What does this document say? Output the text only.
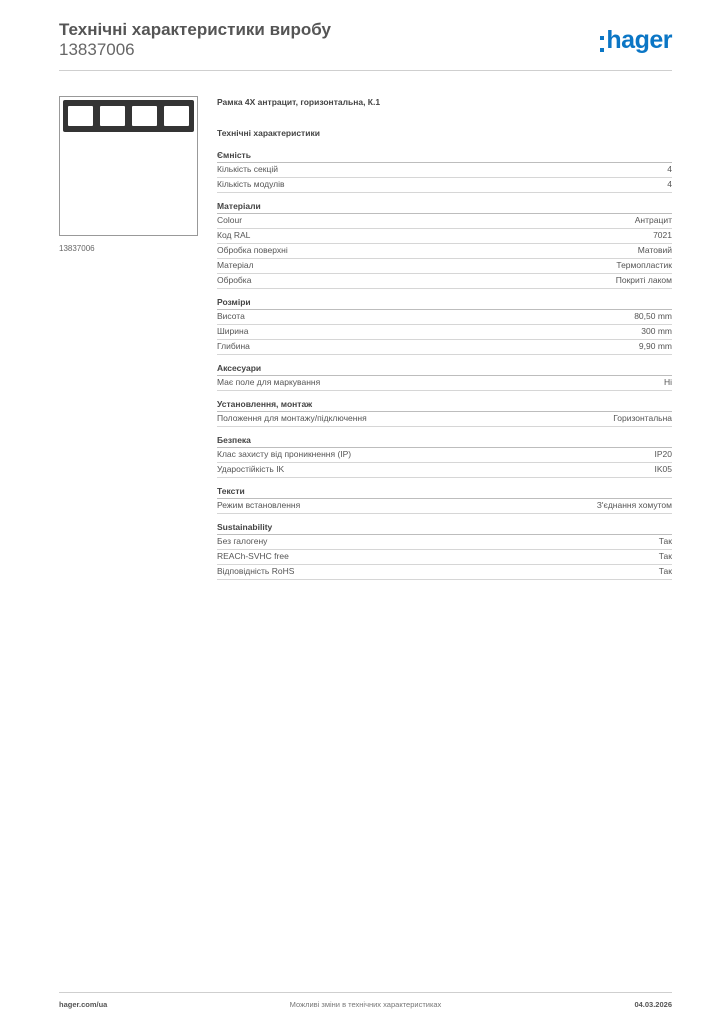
Технічні характеристики виробу
13837006	hager
13837006
Рамка 4Х антрацит, горизонтальна, К.1
Технічні характеристики
Ємність
Кількість секцій	4
Кількість модулів	4
Матеріали
Colour	Антрацит
Код RAL	7021
Обробка поверхні	Матовий
Матеріал	Термопластик
Обробка	Покриті лаком
Розміри
Висота	80,50 mm
Ширина	300 mm
Глибина	9,90 mm
Аксесуари
Має поле для маркування	Ні
Установлення, монтаж
Положення для монтажу/підключення	Горизонтальна
Безпека
Клас захисту від проникнення (IP)	IP20
Ударостійкість IK	IK05
Тексти
Режим встановлення	З'єднання хомутом
Sustainability
Без галогену	Так
REACh-SVHC free	Так
Відповідність RoHS	Так
hager.com/ua	Можливі зміни в технічних характеристиках	04.03.2026
